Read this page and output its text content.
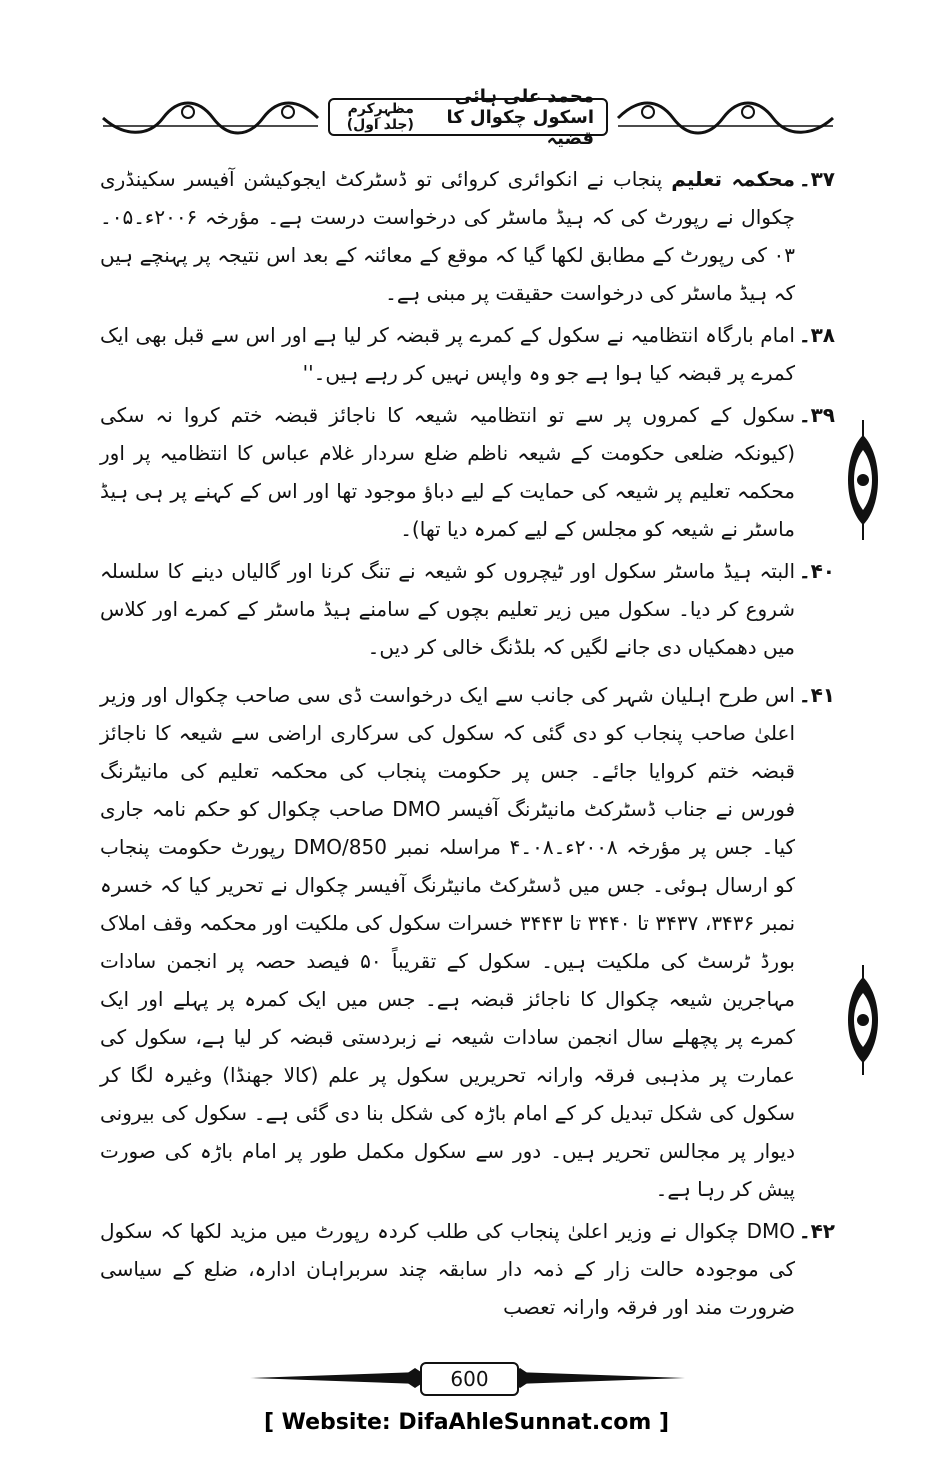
محمد علی ہائی اسکول چکوال کا قضیہ
مظہرِکرم (جلد اول)

۳۷۔
محکمہ تعلیم پنجاب نے انکوائری کروائی تو ڈسٹرکٹ ایجوکیشن آفیسر سکینڈری چکوال نے رپورٹ کی کہ ہیڈ ماسٹر کی درخواست درست ہے۔ مؤرخہ ۲۰۰۶ء۔۰۵۔۰۳ کی رپورٹ کے مطابق لکھا گیا کہ موقع کے معائنہ کے بعد اس نتیجہ پر پہنچے ہیں کہ ہیڈ ماسٹر کی درخواست حقیقت پر مبنی ہے۔

۳۸۔
امام بارگاہ انتظامیہ نے سکول کے کمرے پر قبضہ کر لیا ہے اور اس سے قبل بھی ایک کمرے پر قبضہ کیا ہوا ہے جو وہ واپس نہیں کر رہے ہیں۔''

۳۹۔
سکول کے کمروں پر سے تو انتظامیہ شیعہ کا ناجائز قبضہ ختم کروا نہ سکی (کیونکہ ضلعی حکومت کے شیعہ ناظم ضلع سردار غلام عباس کا انتظامیہ پر اور محکمہ تعلیم پر شیعہ کی حمایت کے لیے دباؤ موجود تھا اور اس کے کہنے پر ہی ہیڈ ماسٹر نے شیعہ کو مجلس کے لیے کمرہ دیا تھا)۔

۴۰۔
البتہ ہیڈ ماسٹر سکول اور ٹیچروں کو شیعہ نے تنگ کرنا اور گالیاں دینے کا سلسلہ شروع کر دیا۔ سکول میں زیر تعلیم بچوں کے سامنے ہیڈ ماسٹر کے کمرے اور کلاس میں دھمکیاں دی جانے لگیں کہ بلڈنگ خالی کر دیں۔

۴۱۔
اس طرح اہلیان شہر کی جانب سے ایک درخواست ڈی سی صاحب چکوال اور وزیر اعلیٰ صاحب پنجاب کو دی گئی کہ سکول کی سرکاری اراضی سے شیعہ کا ناجائز قبضہ ختم کروایا جائے۔ جس پر حکومت پنجاب کی محکمہ تعلیم کی مانیٹرنگ فورس نے جناب ڈسٹرکٹ مانیٹرنگ آفیسر DMO صاحب چکوال کو حکم نامہ جاری کیا۔ جس پر مؤرخہ ۲۰۰۸ء۔۰۸۔۴ مراسلہ نمبر 850/DMO رپورٹ حکومت پنجاب کو ارسال ہوئی۔ جس میں ڈسٹرکٹ مانیٹرنگ آفیسر چکوال نے تحریر کیا کہ خسرہ نمبر ۳۴۳۶، ۳۴۳۷ تا ۳۴۴۰ تا ۳۴۴۳ خسرات سکول کی ملکیت اور محکمہ وقف املاک بورڈ ٹرسٹ کی ملکیت ہیں۔ سکول کے تقریباً ۵۰ فیصد حصہ پر انجمن سادات مہاجرین شیعہ چکوال کا ناجائز قبضہ ہے۔ جس میں ایک کمرہ پر پہلے اور ایک کمرے پر پچھلے سال انجمن سادات شیعہ نے زبردستی قبضہ کر لیا ہے، سکول کی عمارت پر مذہبی فرقہ وارانہ تحریریں سکول پر علم (کالا جھنڈا) وغیرہ لگا کر سکول کی شکل تبدیل کر کے امام باڑہ کی شکل بنا دی گئی ہے۔ سکول کی بیرونی دیوار پر مجالس تحریر ہیں۔ دور سے سکول مکمل طور پر امام باڑہ کی صورت پیش کر رہا ہے۔

۴۲۔
DMO چکوال نے وزیر اعلیٰ پنجاب کی طلب کردہ رپورٹ میں مزید لکھا کہ سکول کی موجودہ حالت زار کے ذمہ دار سابقہ چند سربراہان ادارہ، ضلع کے سیاسی ضرورت مند اور فرقہ وارانہ تعصب

600
[ Website: DifaAhleSunnat.com ]
